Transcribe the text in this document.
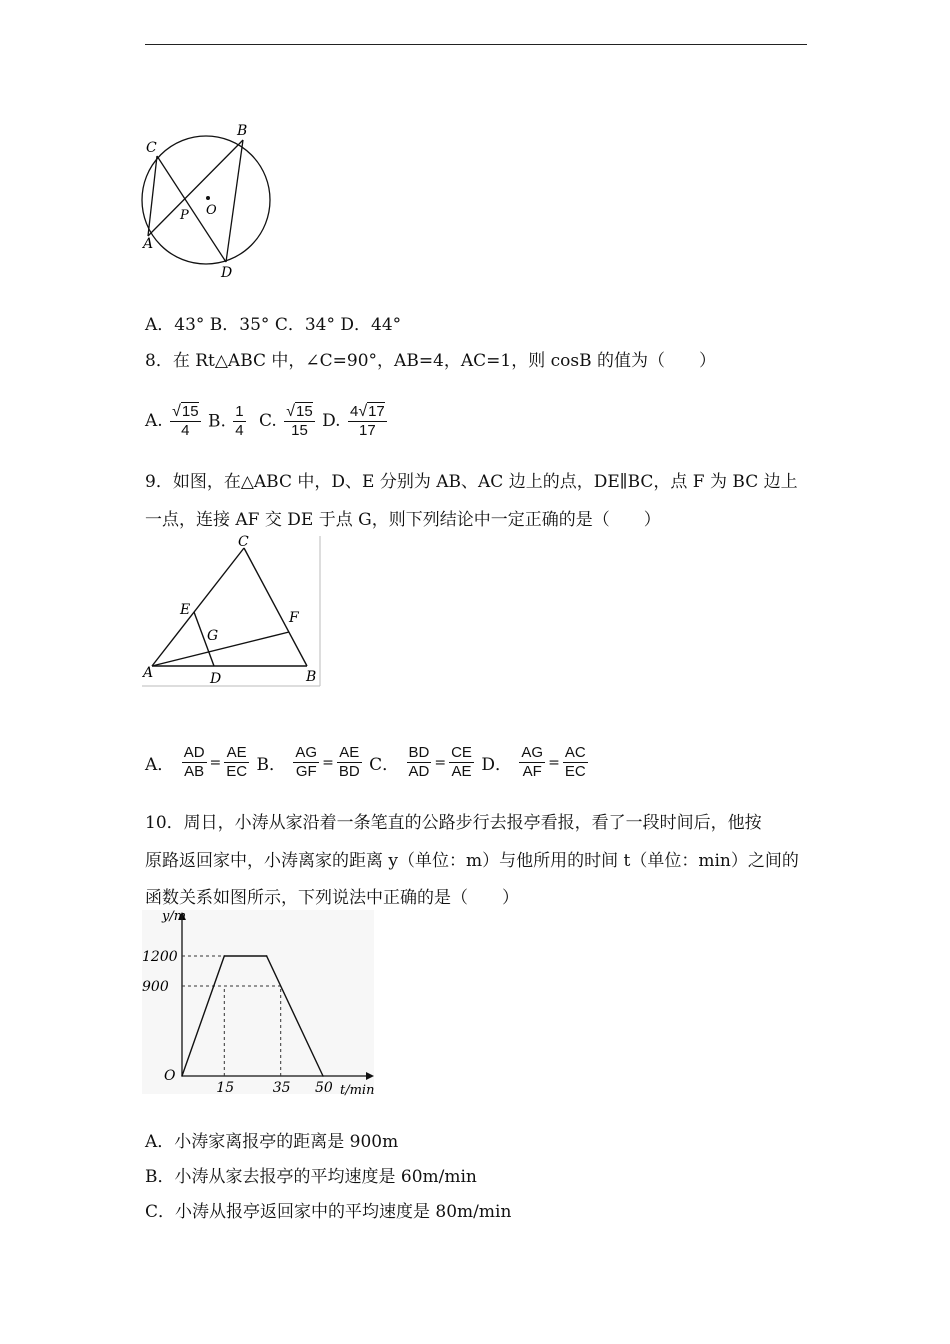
C
B
P O
A
D
A．43° B．35° C．34° D．44°
8．在 Rt△ABC 中，∠C=90°，AB=4，AC=1，则 cosB 的值为（　　）
A. $\frac{√15}{4} B$. $\frac{1}{4} C$. $\frac{√15}{15} D$. $\frac{4√17}{17}$
9．如图，在△ABC 中，D、E 分别为 AB、AC 边上的点，DE∥BC，点 F 为 BC 边上
一点，连接 AF 交 DE 于点 G，则下列结论中一定正确的是（　　）
C
E	F
G
A	D	B
A． $\frac{AD}{AB} = \frac{AE}{EC}$ B． $\frac{AG}{GF} = \frac{AE}{BD}$ C． $\frac{BD}{AD} = \frac{CE}{AE}$ D． $\frac{AG}{AF} = \frac{AC}{EC}$
10．周日，小涛从家沿着一条笔直的公路步行去报亭看报，看了一段时间后，他按
原路返回家中，小涛离家的距离 y（单位：m）与他所用的时间 t（单位：min）之间的
函数关系如图所示，下列说法中正确的是（　　）
900
1200
15	35 50
y/m
t/min
O
A．小涛家离报亭的距离是 900m
B．小涛从家去报亭的平均速度是 60m/min
C．小涛从报亭返回家中的平均速度是 80m/min
